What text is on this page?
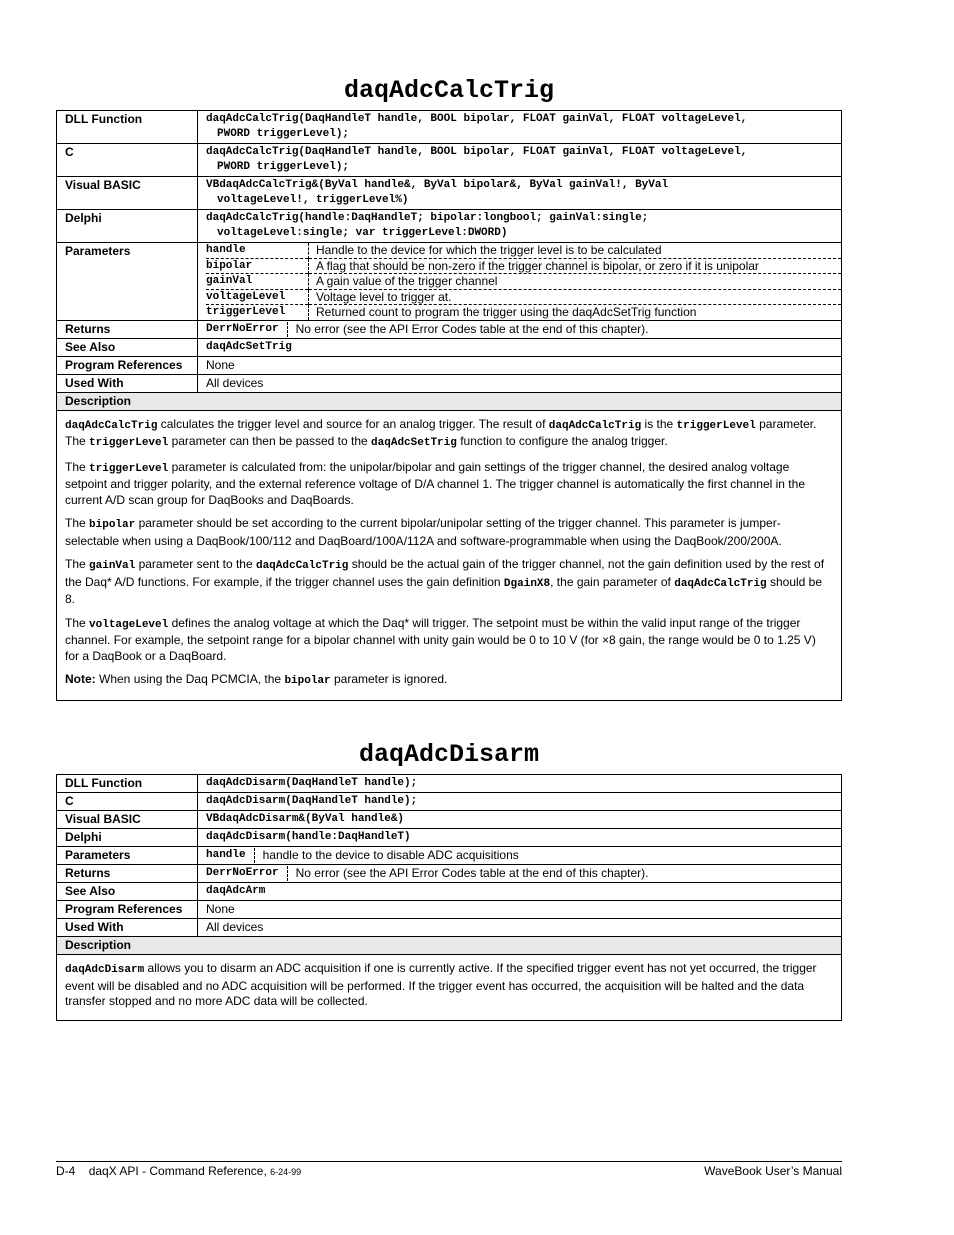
daqAdcCalcTrig
DLL Function	daqAdcCalcTrig(DaqHandleT handle, BOOL bipolar, FLOAT gainVal, FLOAT voltageLevel,
PWORD triggerLevel);

C	daqAdcCalcTrig(DaqHandleT handle, BOOL bipolar, FLOAT gainVal, FLOAT voltageLevel,
PWORD triggerLevel);

Visual BASIC	VBdaqAdcCalcTrig&(ByVal handle&, ByVal bipolar&, ByVal gainVal!, ByVal
voltageLevel!, triggerLevel%)

Delphi	daqAdcCalcTrig(handle:DaqHandleT; bipolar:longbool; gainVal:single;
voltageLevel:single; var triggerLevel:DWORD)

Parameters		handle	Handle to the device for which the trigger level is to be calculated
bipolar	A flag that should be non-zero if the trigger channel is bipolar, or zero if it is unipolar
gainVal	A gain value of the trigger channel
voltageLevel	Voltage level to trigger at.
triggerLevel	Returned count to program the trigger using the daqAdcSetTrig function

Returns	DerrNoError	No error (see the API Error Codes table at the end of this chapter).

See Also	daqAdcSetTrig
Program References	None
Used With	All devices
Description

daqAdcCalcTrig calculates the trigger level and source for an analog trigger. The result of daqAdcCalcTrig is the triggerLevel parameter. The triggerLevel parameter can then be passed to the daqAdcSetTrig function to configure the analog trigger.

The triggerLevel parameter is calculated from: the unipolar/bipolar and gain settings of the trigger channel, the desired analog voltage setpoint and trigger polarity, and the external reference voltage of D/A channel 1. The trigger channel is automatically the first channel in the current A/D scan group for DaqBooks and DaqBoards.

The bipolar parameter should be set according to the current bipolar/unipolar setting of the trigger channel. This parameter is jumper-selectable when using a DaqBook/100/112 and DaqBoard/100A/112A and software-programmable when using the DaqBook/200/200A.

The gainVal parameter sent to the daqAdcCalcTrig should be the actual gain of the trigger channel, not the gain definition used by the rest of the Daq* A/D functions. For example, if the trigger channel uses the gain definition DgainX8, the gain parameter of daqAdcCalcTrig should be 8.

The voltageLevel defines the analog voltage at which the Daq* will trigger. The setpoint must be within the valid input range of the trigger channel. For example, the setpoint range for a bipolar channel with unity gain would be 0 to 10 V (for ×8 gain, the range would be 0 to 1.25 V) for a DaqBook or a DaqBoard.

Note: When using the Daq PCMCIA, the bipolar parameter is ignored.

daqAdcDisarm
DLL Function	daqAdcDisarm(DaqHandleT handle);
C	daqAdcDisarm(DaqHandleT handle);
Visual BASIC	VBdaqAdcDisarm&(ByVal handle&)
Delphi	daqAdcDisarm(handle:DaqHandleT)
Parameters	handle handle to the device to disable ADC acquisitions

Returns	DerrNoError No error (see the API Error Codes table at the end of this chapter).

See Also	daqAdcArm
Program References	None
Used With	All devices
Description	

daqAdcDisarm allows you to disarm an ADC acquisition if one is currently active. If the specified trigger event has not yet occurred, the trigger event will be disabled and no ADC acquisition will be performed. If the trigger event has occurred, the acquisition will be halted and the data transfer stopped and no more ADC data will be collected.	

D-4 daqX API - Command Reference, 6-24-99	WaveBook User’s Manual
